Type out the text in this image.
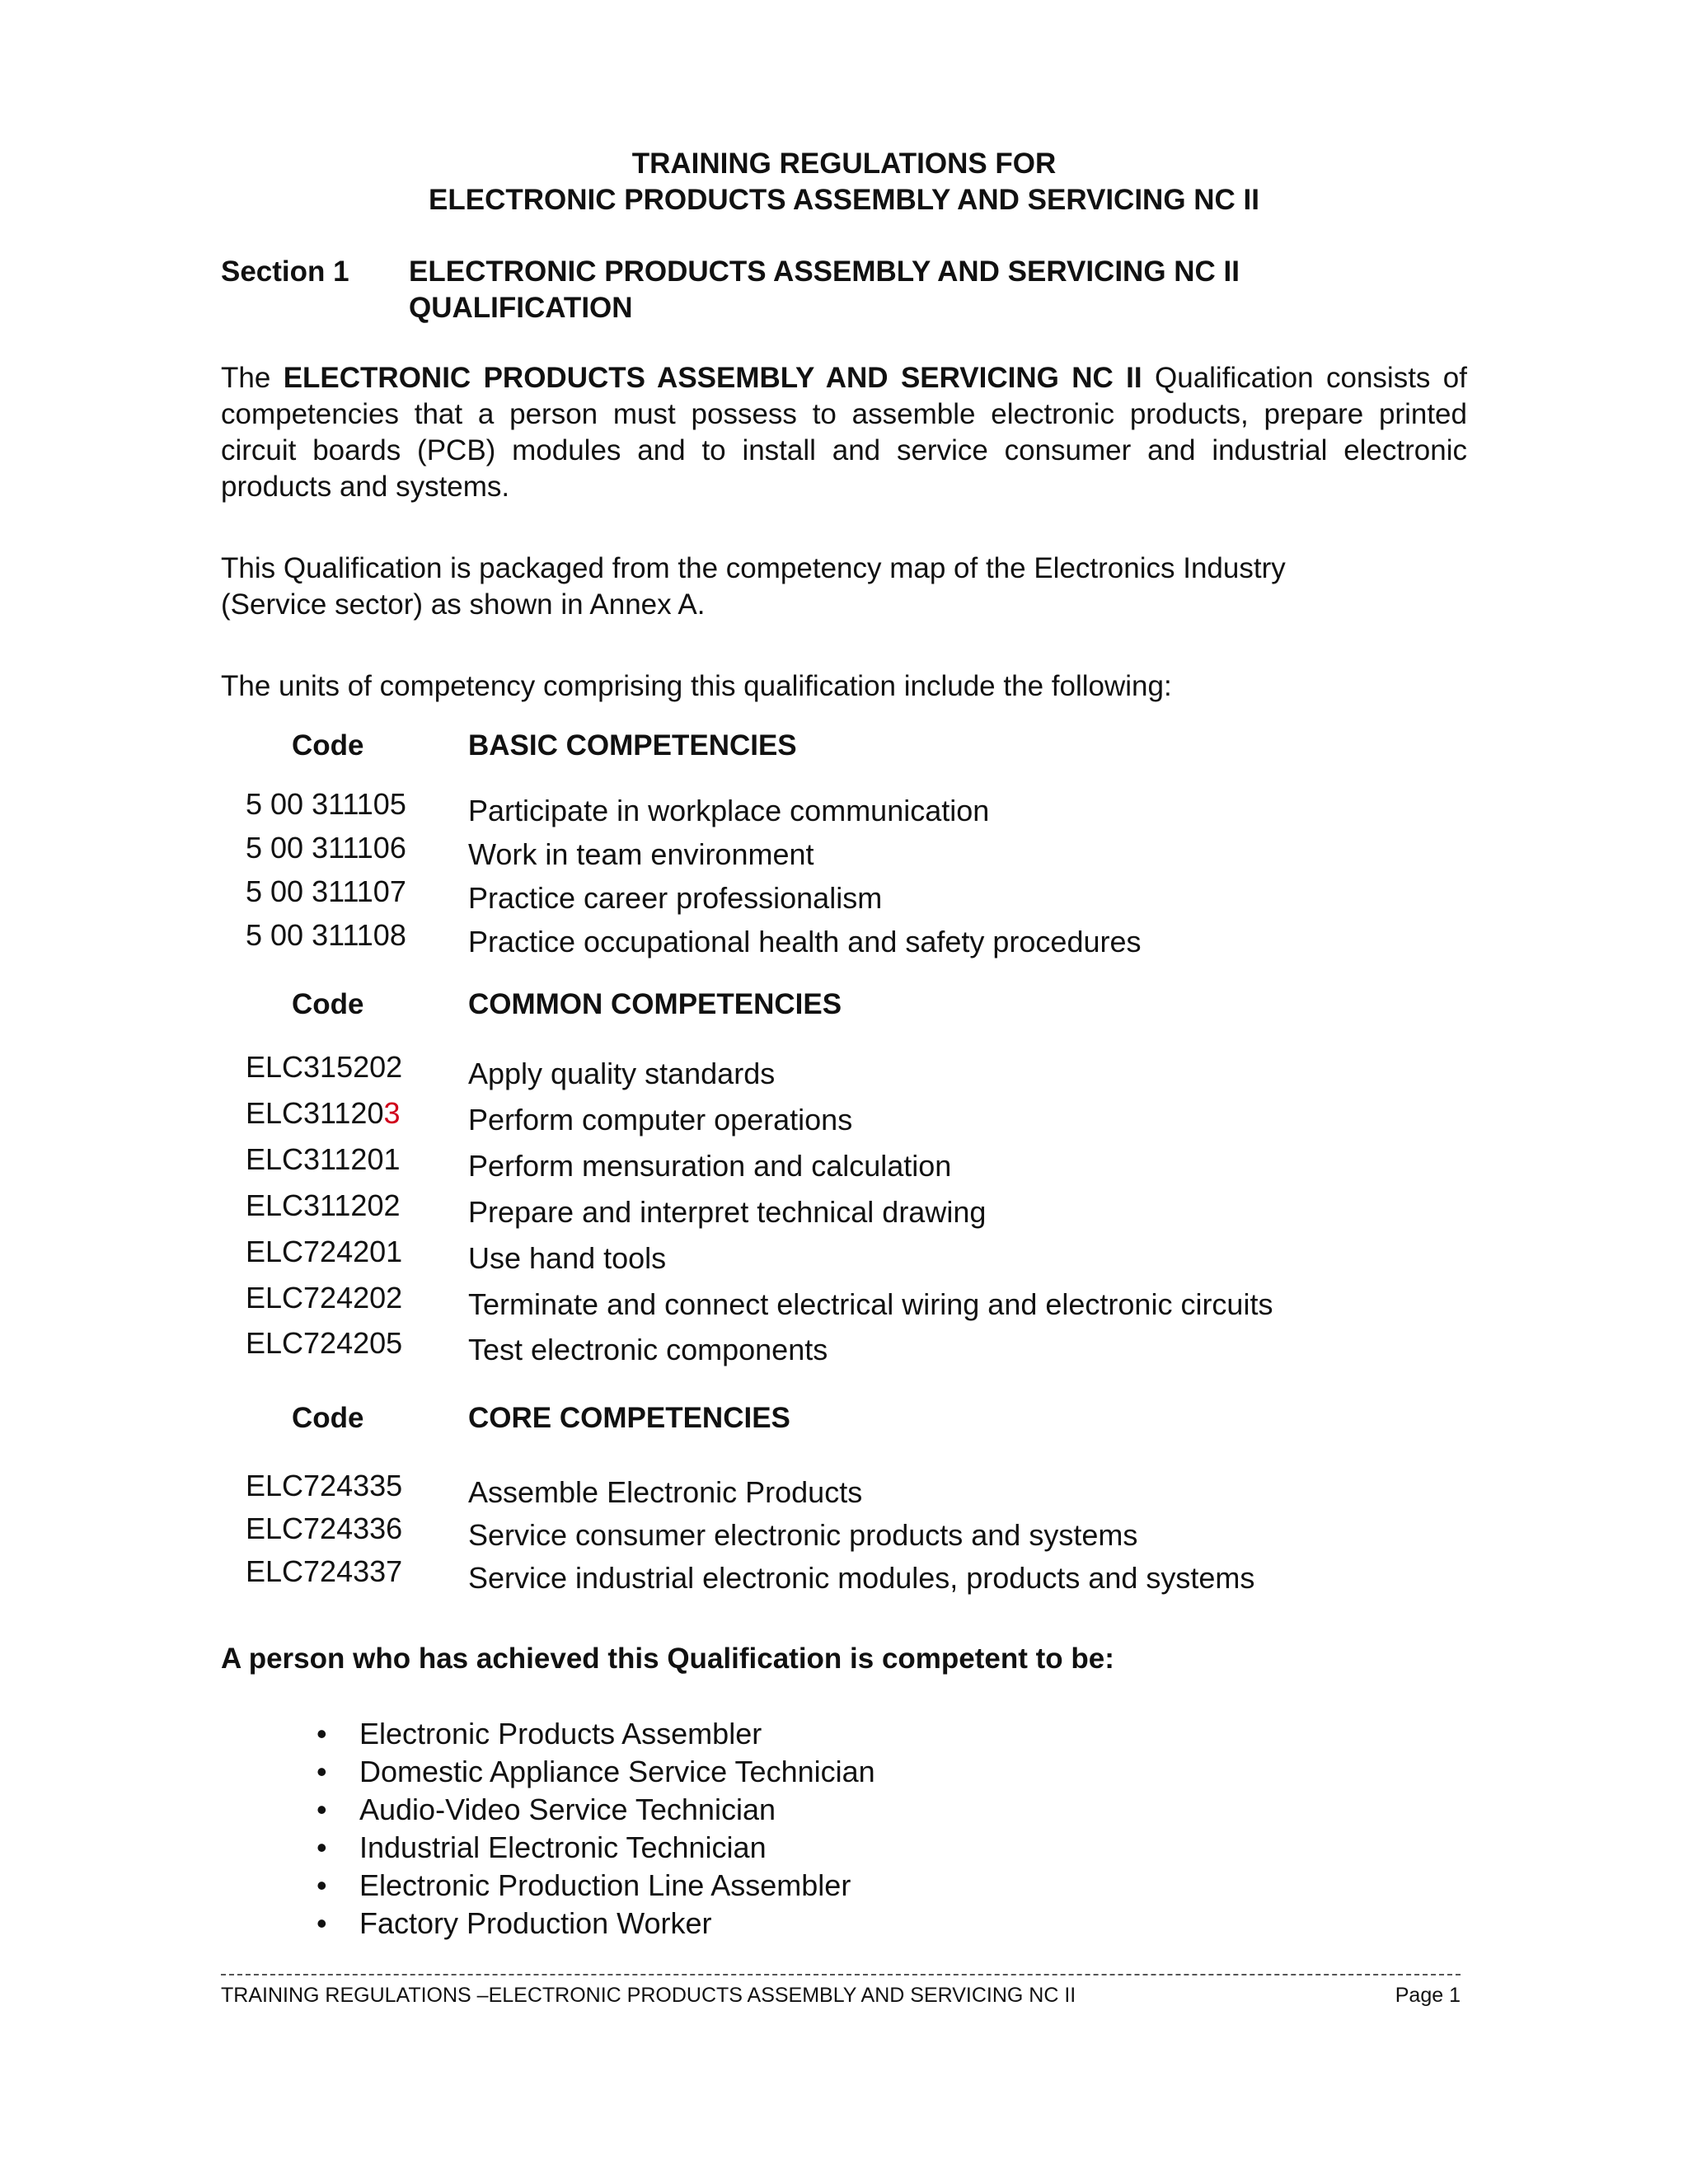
TRAINING REGULATIONS FOR
ELECTRONIC PRODUCTS ASSEMBLY AND SERVICING NC II
Section 1 ELECTRONIC PRODUCTS ASSEMBLY AND SERVICING NC II
QUALIFICATION
The ELECTRONIC PRODUCTS ASSEMBLY AND SERVICING NC II Qualification consists of competencies that a person must possess to assemble electronic products, prepare printed circuit boards (PCB) modules and to install and service consumer and industrial electronic products and systems.
This Qualification is packaged from the competency map of the Electronics Industry
(Service sector) as shown in Annex A.
The units of competency comprising this qualification include the following:
Code	BASIC COMPETENCIES
5 00 311105 Participate in workplace communication
5 00 311106 Work in team environment
5 00 311107 Practice career professionalism
5 00 311108 Practice occupational health and safety procedures
Code	COMMON COMPETENCIES
ELC315202 Apply quality standards
ELC311203 Perform computer operations
ELC311201 Perform mensuration and calculation
ELC311202 Prepare and interpret technical drawing
ELC724201 Use hand tools
ELC724202 Terminate and connect electrical wiring and electronic circuits
ELC724205 Test electronic components
Code	CORE COMPETENCIES
ELC724335 Assemble Electronic Products
ELC724336 Service consumer electronic products and systems
ELC724337 Service industrial electronic modules, products and systems
A person who has achieved this Qualification is competent to be:
• Electronic Products Assembler
• Domestic Appliance Service Technician
• Audio-Video Service Technician
• Industrial Electronic Technician
• Electronic Production Line Assembler
• Factory Production Worker
TRAINING REGULATIONS –ELECTRONIC PRODUCTS ASSEMBLY AND SERVICING NC II	Page 1
